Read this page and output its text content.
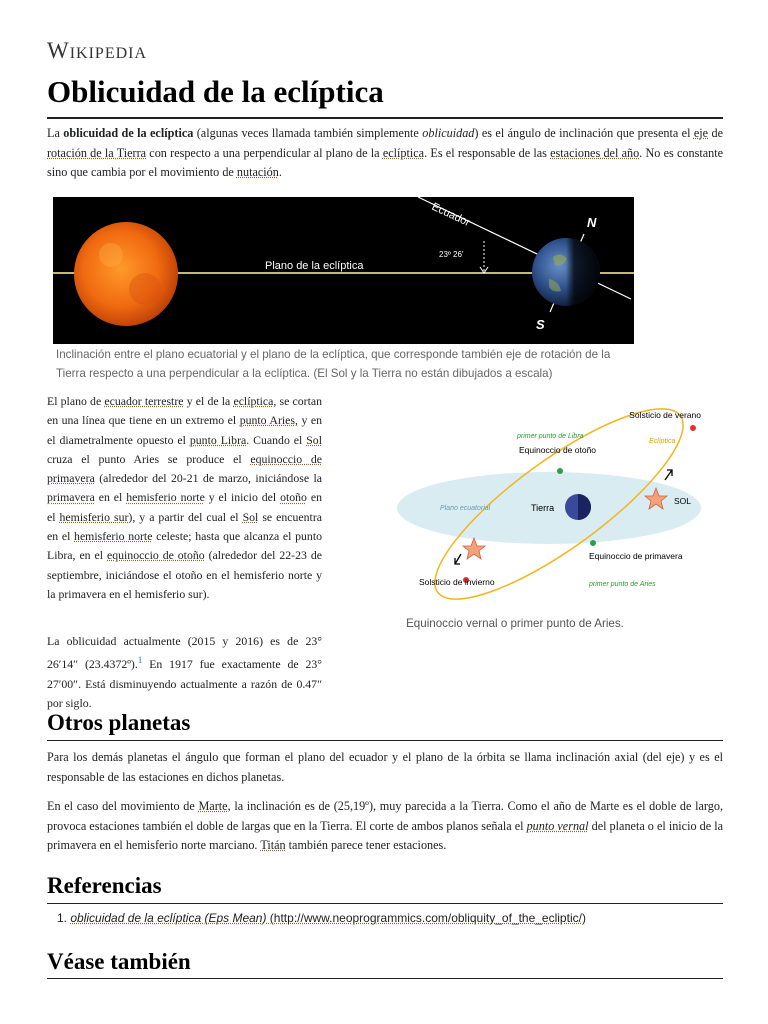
Wikipedia
Oblicuidad de la eclíptica

La oblicuidad de la eclíptica (algunas veces llamada también simplemente oblicuidad) es el ángulo de inclinación que presenta el eje de rotación de la Tierra con respecto a una perpendicular al plano de la eclíptica. Es el responsable de las estaciones del año. No es constante sino que cambia por el movimiento de nutación.

Plano de la eclíptica
Ecuador
23º 26'
N
S
Inclinación entre el plano ecuatorial y el plano de la eclíptica, que corresponde también eje de rotación de la Tierra respecto a una perpendicular a la eclíptica. (El Sol y la Tierra no están dibujados a escala)

El plano de ecuador terrestre y el de la eclíptica, se cortan en una línea que tiene en un extremo el punto Aries, y en el diametralmente opuesto el punto Libra. Cuando el Sol cruza el punto Aries se produce el equinoccio de primavera (alrededor del 20-21 de marzo, iniciándose la primavera en el hemisferio norte y el inicio del otoño en el hemisferio sur), y a partir del cual el Sol se encuentra en el hemisferio norte celeste; hasta que alcanza el punto Libra, en el equinoccio de otoño (alrededor del 22-23 de septiembre, iniciándose el otoño en el hemisferio norte y la primavera en el hemisferio sur).

La oblicuidad actualmente (2015 y 2016) es de 23° 26′14″ (23.4372º).$^1$ En 1917 fue exactamente de 23° 27′00″. Está disminuyendo actualmente a razón de 0.47″ por siglo.

Solsticio de verano
primer punto de Libra
Equinoccio de otoño
Eclíptica
Plano ecuatorial	Tierra
SOL
Equinoccio de primavera
primer punto de Aries
Solsticio de invierno
Equinoccio vernal o primer punto de Aries.
Otros planetas

Para los demás planetas el ángulo que forman el plano del ecuador y el plano de la órbita se llama inclinación axial (del eje) y es el responsable de las estaciones en dichos planetas.

En el caso del movimiento de Marte, la inclinación es de (25,19º), muy parecida a la Tierra. Como el año de Marte es el doble de largo, provoca estaciones también el doble de largas que en la Tierra. El corte de ambos planos señala el punto vernal del planeta o el inicio de la primavera en el hemisferio norte marciano. Titán también parece tener estaciones.

Referencias
1. oblicuidad de la eclíptica (Eps Mean) (http://www.neoprogrammics.com/obliquity_of_the_ecliptic/)
Véase también
